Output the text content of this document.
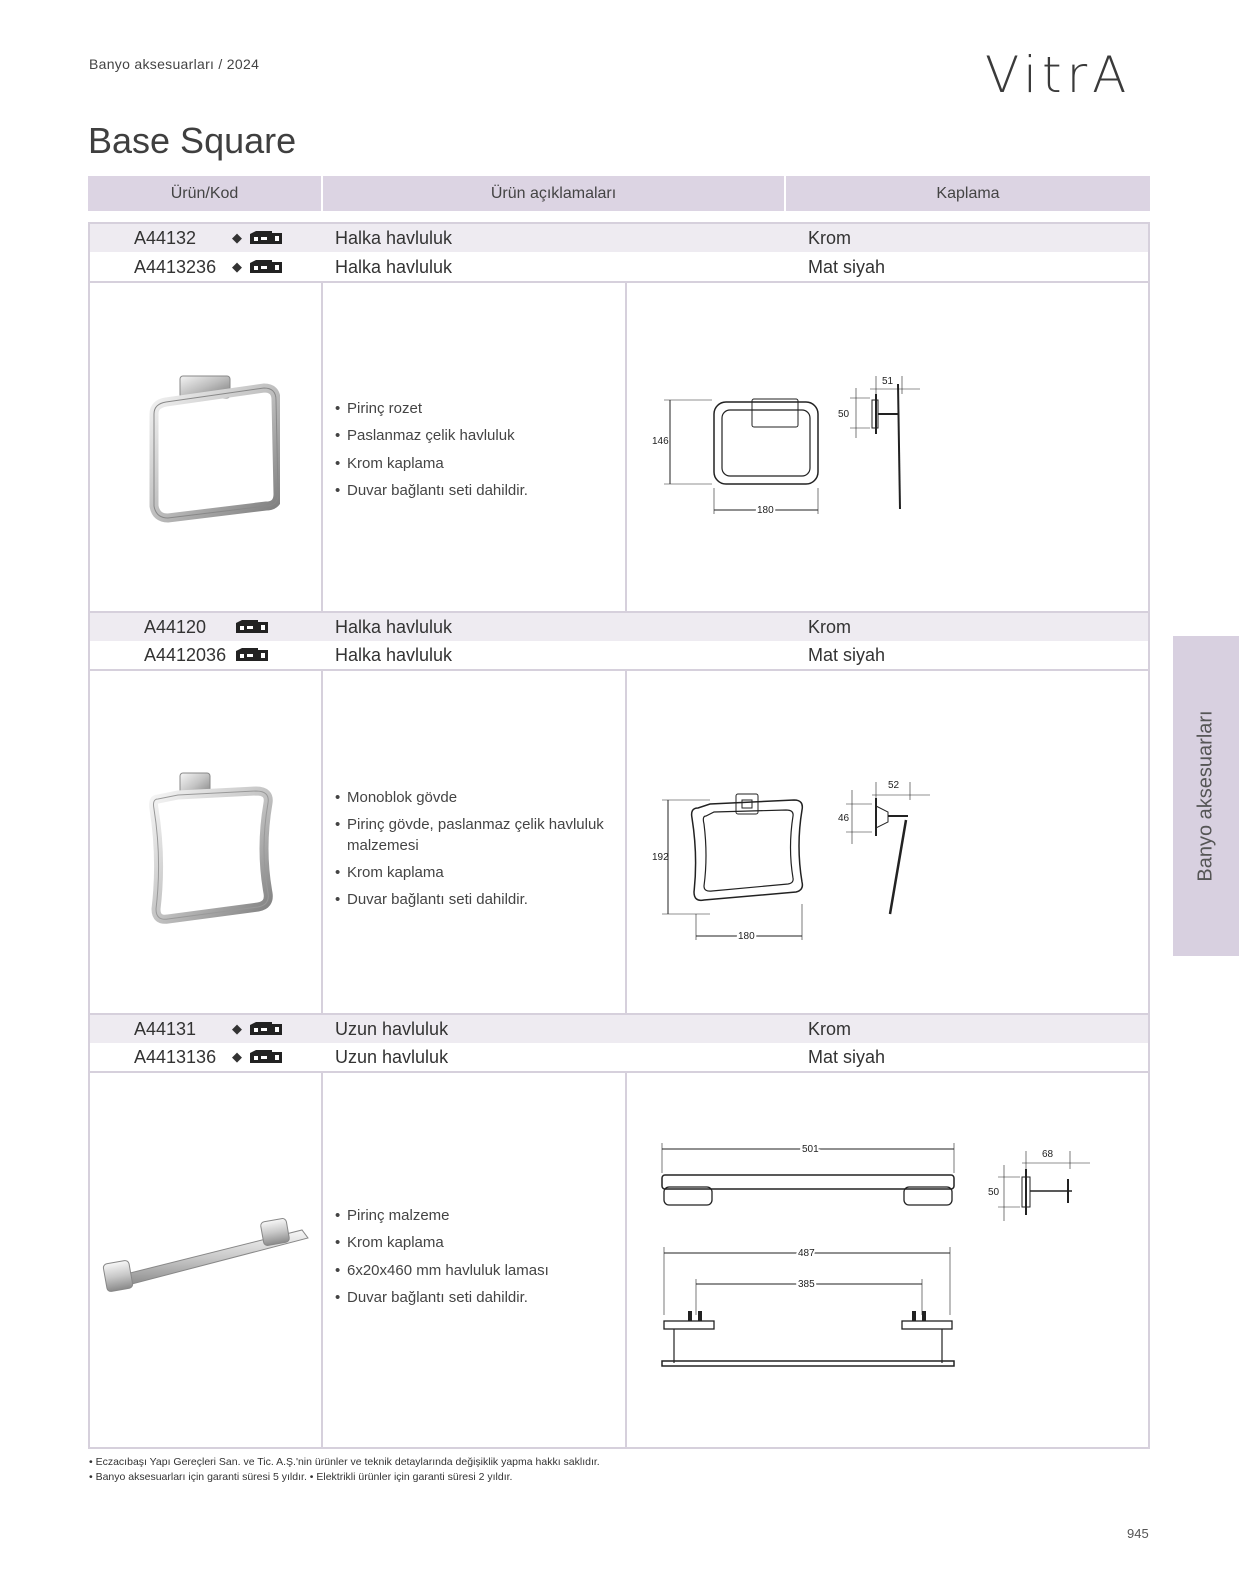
Banyo aksesuarları / 2024	VitrA
Base Square
Ürün/Kod	Ürün açıklamaları	Kaplama
A44132	◆	Halka havluluk	Krom
A4413236	◆	Halka havluluk	Mat siyah
• Pirinç rozet
• Paslanmaz çelik havluluk
• Krom kaplama
• Duvar bağlantı seti dahildir.
146
180
50
51
A44120	Halka havluluk	Krom
A4412036	Halka havluluk	Mat siyah
• Monoblok gövde
• Pirinç gövde, paslanmaz çelik havluluk malzemesi
• Krom kaplama
• Duvar bağlantı seti dahildir.
192
180
46
52
A44131	◆	Uzun havluluk	Krom
A4413136	◆	Uzun havluluk	Mat siyah
• Pirinç malzeme
• Krom kaplama
• 6x20x460 mm havluluk laması
• Duvar bağlantı seti dahildir.
501
487
385
50
68
Banyo aksesuarları
• Eczacıbaşı Yapı Gereçleri San. ve Tic. A.Ş.'nin ürünler ve teknik detaylarında değişiklik yapma hakkı saklıdır.
• Banyo aksesuarları için garanti süresi 5 yıldır. • Elektrikli ürünler için garanti süresi 2 yıldır.
945
